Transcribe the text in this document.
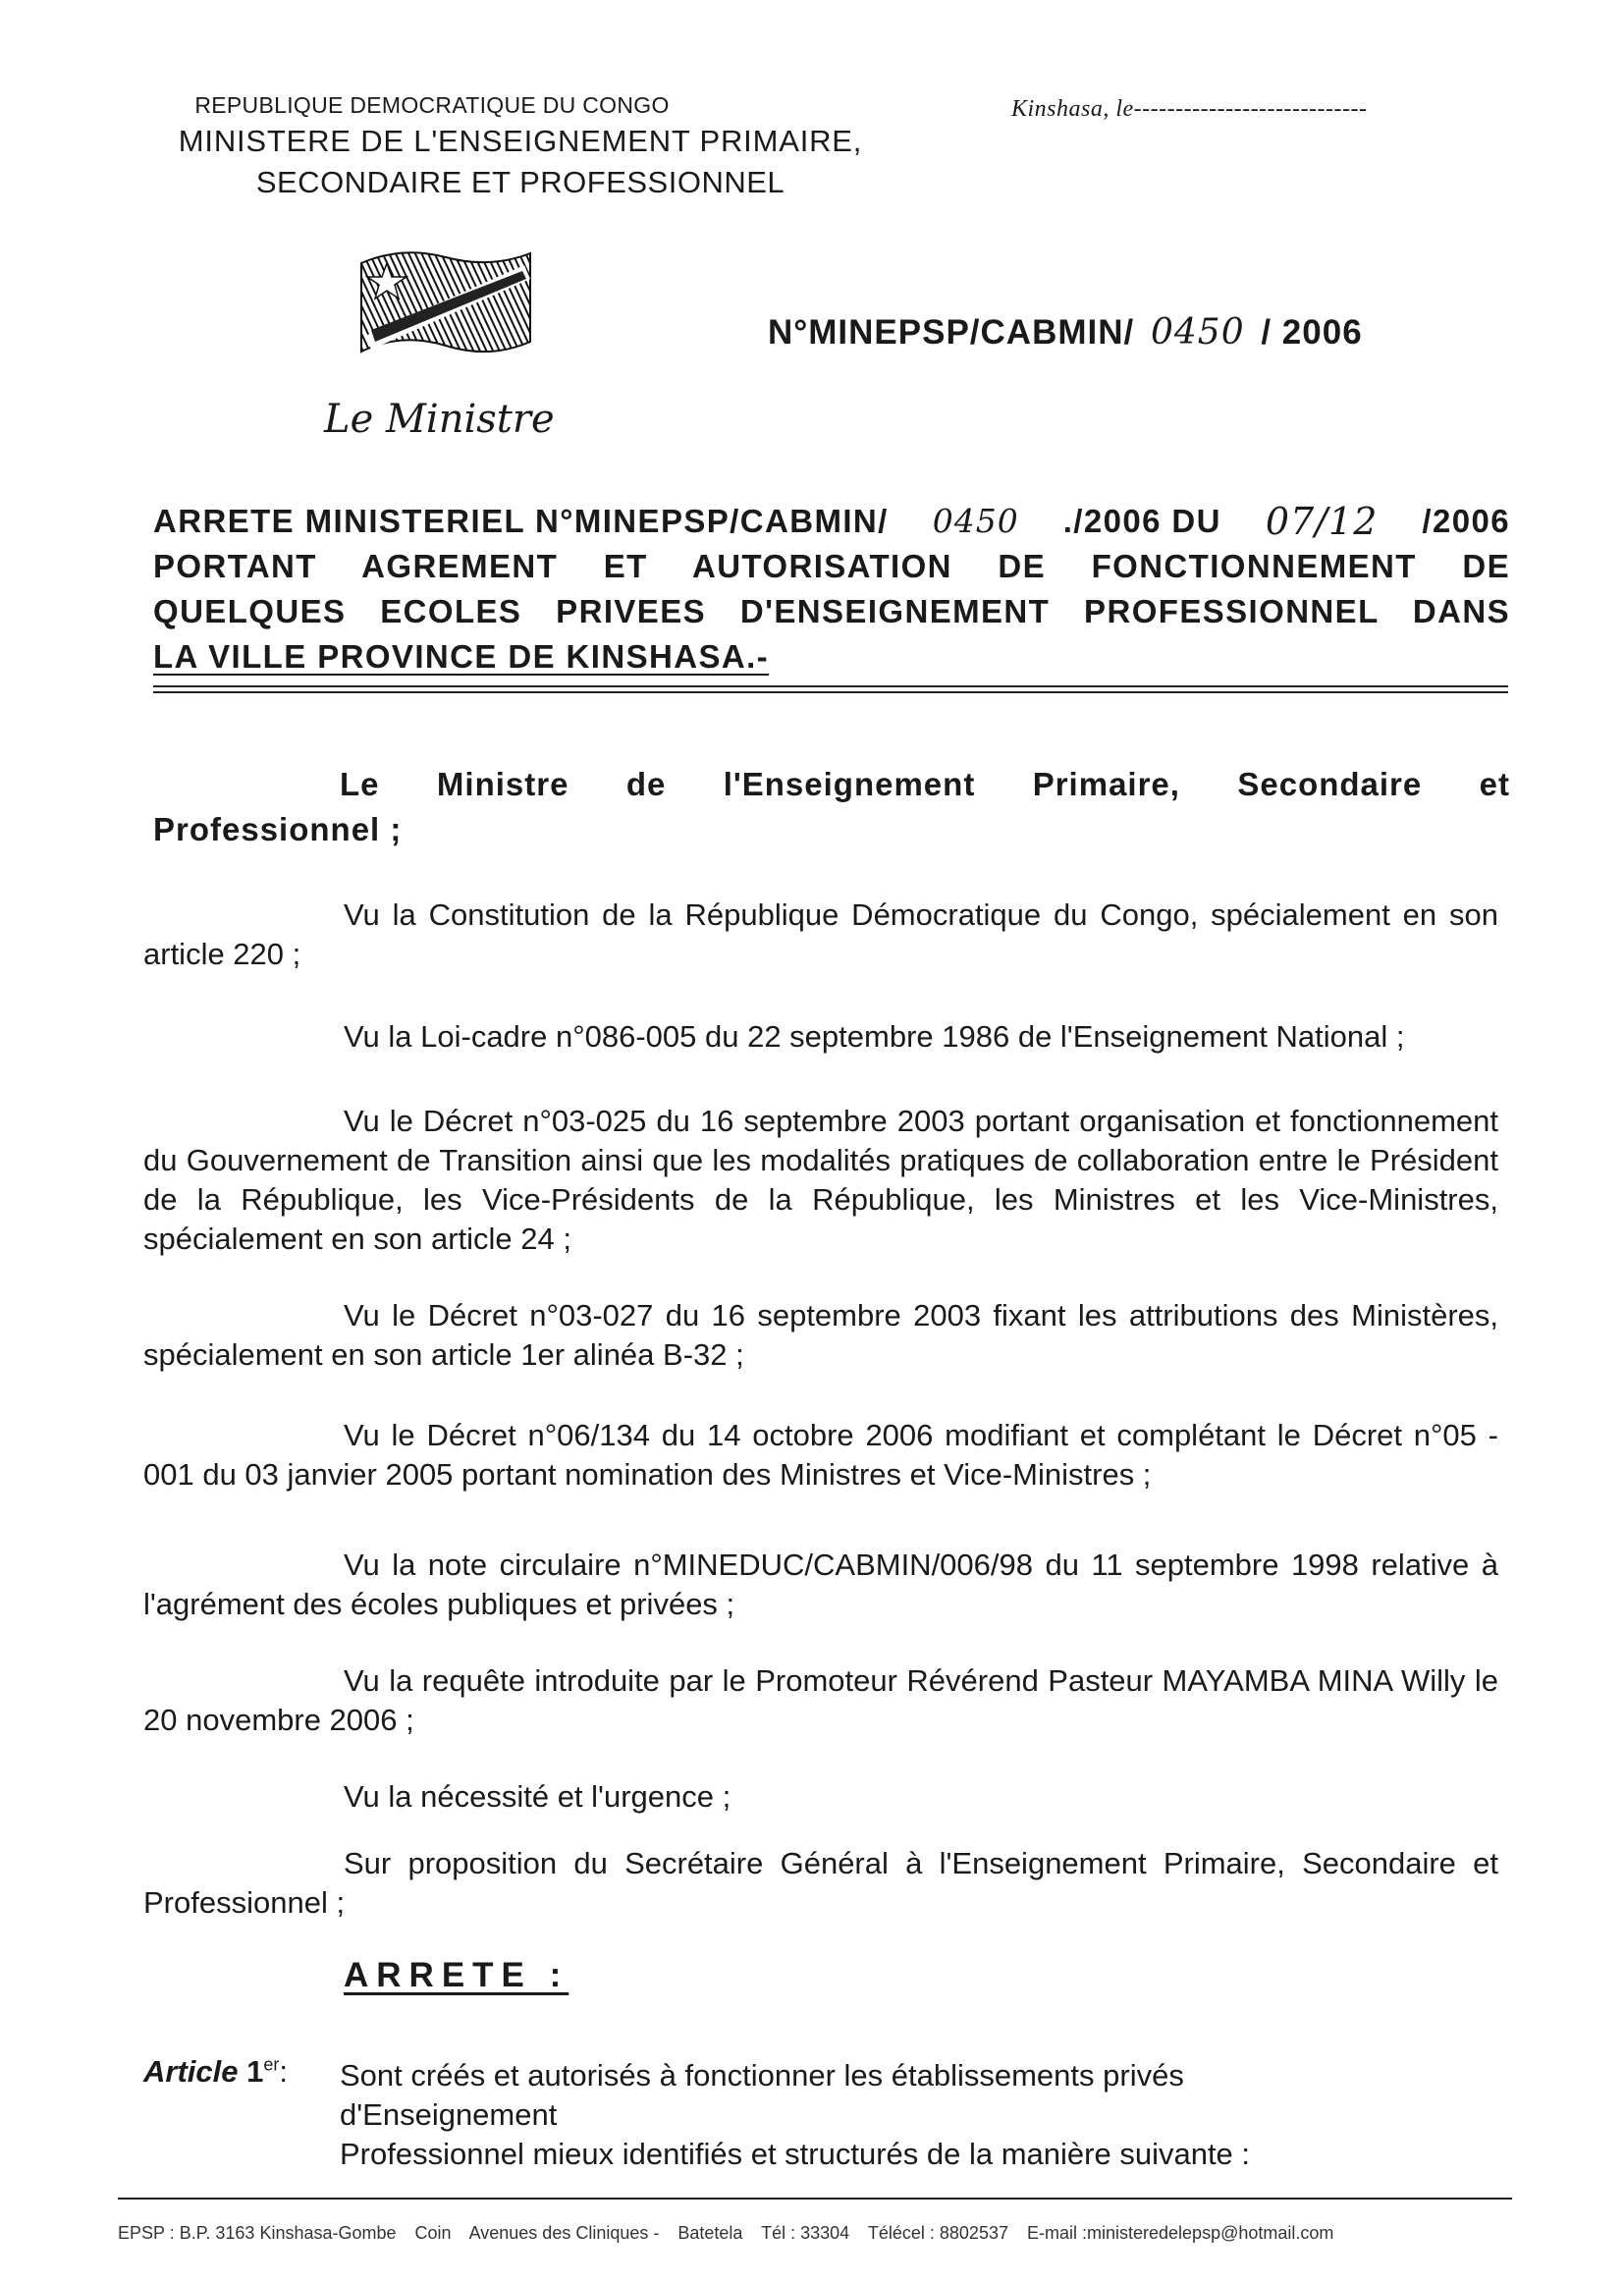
REPUBLIQUE DEMOCRATIQUE DU CONGO
MINISTERE DE L'ENSEIGNEMENT PRIMAIRE,
SECONDAIRE ET PROFESSIONNEL
Kinshasa, le----------------------------
N°MINEPSP/CABMIN/ 0450 / 2006
Le Ministre
ARRETE MINISTERIEL N°MINEPSP/CABMIN/ 0450 ./2006 DU 07/12 /2006
PORTANT AGREMENT ET AUTORISATION DE FONCTIONNEMENT DE
QUELQUES ECOLES PRIVEES D'ENSEIGNEMENT PROFESSIONNEL DANS
LA VILLE PROVINCE DE KINSHASA.-
Le Ministre de l'Enseignement Primaire, Secondaire et
Professionnel ;
Vu la Constitution de la République Démocratique du Congo, spécialement en son
article 220 ;
Vu la Loi-cadre n°086-005 du 22 septembre 1986 de l'Enseignement National ;
Vu le Décret n°03-025 du 16 septembre 2003 portant organisation et fonctionnement
du Gouvernement de Transition ainsi que les modalités pratiques de collaboration entre le Président de la République, les Vice-Présidents de la République, les Ministres et les Vice-Ministres, spécialement en son article 24 ;
Vu le Décret n°03-027 du 16 septembre 2003 fixant les attributions des Ministères,
spécialement en son article 1er alinéa B-32 ;
Vu le Décret n°06/134 du 14 octobre 2006 modifiant et complétant le Décret n°05 -
001 du 03 janvier 2005 portant nomination des Ministres et Vice-Ministres ;
Vu la note circulaire n°MINEDUC/CABMIN/006/98 du 11 septembre 1998 relative à
l'agrément des écoles publiques et privées ;
Vu la requête introduite par le Promoteur Révérend Pasteur MAYAMBA MINA Willy le
20 novembre 2006 ;
Vu la nécessité et l'urgence ;
Sur proposition du Secrétaire Général à l'Enseignement Primaire, Secondaire et
Professionnel ;
ARRETE :
Article 1er: Sont créés et autorisés à fonctionner les établissements privés d'Enseignement
Professionnel mieux identifiés et structurés de la manière suivante :
EPSP : B.P. 3163 Kinshasa-Gombe Coin Avenues des Cliniques - Batetela Tél : 33304 Télécel : 8802537 E-mail :ministeredelepsp@hotmail.com
